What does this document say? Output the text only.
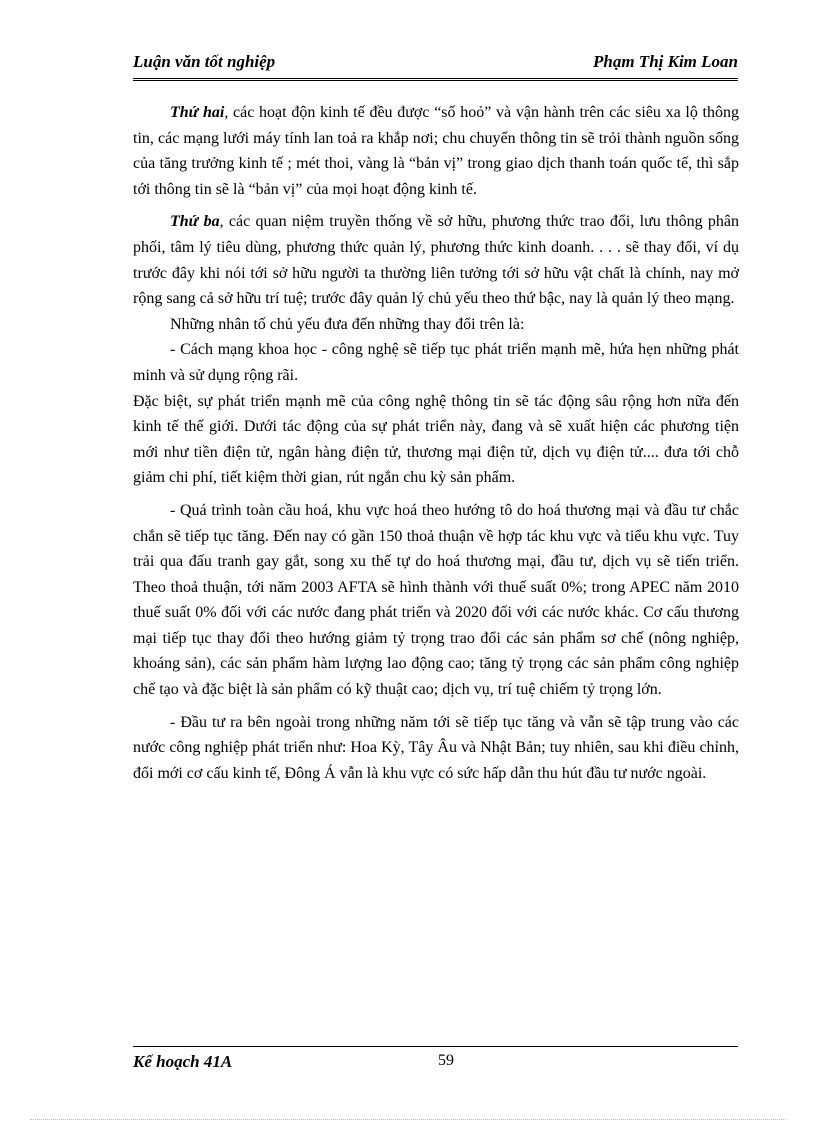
Luận văn tốt nghiệp	Phạm Thị Kim Loan

Thứ hai, các hoạt độn kinh tế đều được “số hoỏ” và vận hành trên các siêu xa lộ thông tin, các mạng lưới máy tính lan toả ra khắp nơi; chu chuyển thông tin sẽ trỏi thành nguồn sống của tăng trưởng kinh tế ; mét thoi, vàng là “bản vị” trong giao dịch thanh toán quốc tế, thì sắp tới thông tin sẽ là “bản vị” của mọi hoạt động kinh tế.

Thứ ba, các quan niệm truyền thống về sở hữu, phương thức trao đổi, lưu thông phân phối, tâm lý tiêu dùng, phương thức quản lý, phương thức kinh doanh. . . . sẽ thay đổi, ví dụ trước đây khi nói tới sở hữu người ta thường liên tưởng tới sở hữu vật chất là chính, nay mở rộng sang cả sở hữu trí tuệ; trước đây quản lý chủ yếu theo thứ bậc, nay là quản lý theo mạng.

Những nhân tố chủ yếu đưa đến những thay đổi trên là:

- Cách mạng khoa học - công nghệ sẽ tiếp tục phát triển mạnh mẽ, hứa hẹn những phát minh và sử dụng rộng rãi.

Đặc biệt, sự phát triển mạnh mẽ của công nghệ thông tin sẽ tác động sâu rộng hơn nữa đến kinh tế thế giới. Dưới tác động của sự phát triển này, đang và sẽ xuất hiện các phương tiện mới như tiền điện tử, ngân hàng điện tử, thương mại điện tử, dịch vụ điện tử.... đưa tới chỗ giảm chi phí, tiết kiệm thời gian, rút ngắn chu kỳ sản phẩm.

- Quá trình toàn cầu hoá, khu vực hoá theo hướng tô do hoá thương mại và đầu tư chắc chắn sẽ tiếp tục tăng. Đến nay có gần 150 thoả thuận về hợp tác khu vực và tiểu khu vực. Tuy trải qua đấu tranh gay gắt, song xu thế tự do hoá thương mại, đầu tư, dịch vụ sẽ tiến triển. Theo thoả thuận, tới năm 2003 AFTA sẽ hình thành với thuế suất 0%; trong APEC năm 2010 thuế suất 0% đối với các nước đang phát triển và 2020 đối với các nước khác. Cơ cấu thương mại tiếp tục thay đổi theo hướng giảm tỷ trọng trao đổi các sản phẩm sơ chế (nông nghiệp, khoáng sản), các sản phẩm hàm lượng lao động cao; tăng tỷ trọng các sản phẩm công nghiệp chế tạo và đặc biệt là sản phẩm có kỹ thuật cao; dịch vụ, trí tuệ chiếm tỷ trọng lớn.

- Đầu tư ra bên ngoài trong những năm tới sẽ tiếp tục tăng và vẫn sẽ tập trung vào các nước công nghiệp phát triển như: Hoa Kỳ, Tây Âu và Nhật Bản; tuy nhiên, sau khi điều chỉnh, đổi mới cơ cấu kinh tế, Đông Á vẫn là khu vực có sức hấp dẫn thu hút đầu tư nước ngoài.

Kế hoạch 41A	59
